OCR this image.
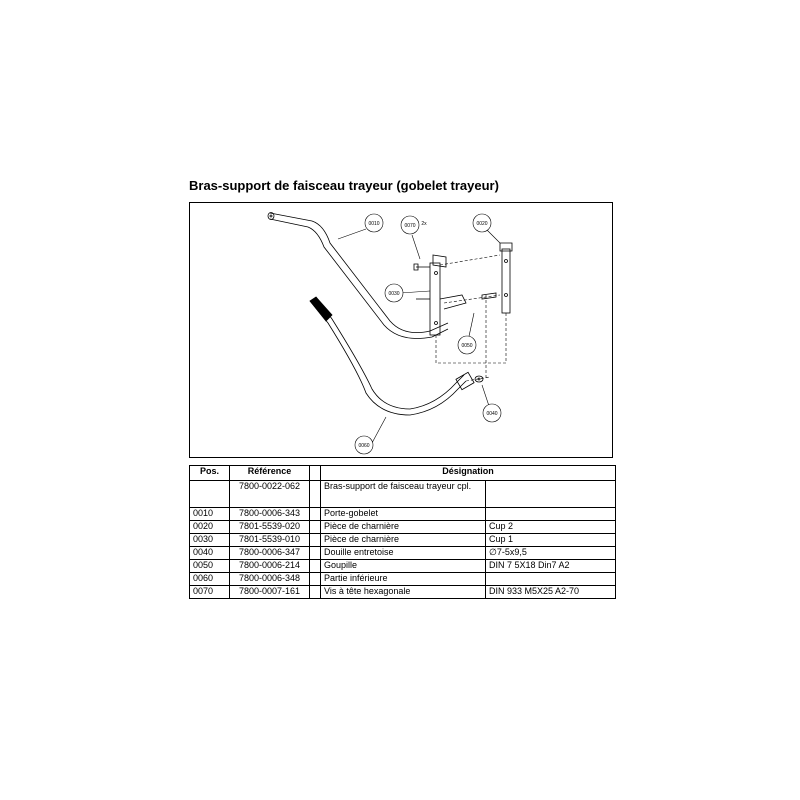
Bras-support de faisceau trayeur (gobelet trayeur)
0010	0070 2x	0020
0030
0050
0040
0060
Pos.	Référence		Désignation	
	7800-0022-062		Bras-support de faisceau trayeur cpl.	
0010	7800-0006-343		Porte-gobelet	
0020	7801-5539-020		Pièce de charnière	Cup 2
0030	7801-5539-010		Pièce de charnière	Cup 1
0040	7800-0006-347		Douille entretoise	∅7-5x9,5
0050	7800-0006-214		Goupille	DIN 7 5X18 Din7 A2
0060	7800-0006-348		Partie inférieure	
0070	7800-0007-161		Vis à tête hexagonale	DIN 933 M5X25 A2-70
